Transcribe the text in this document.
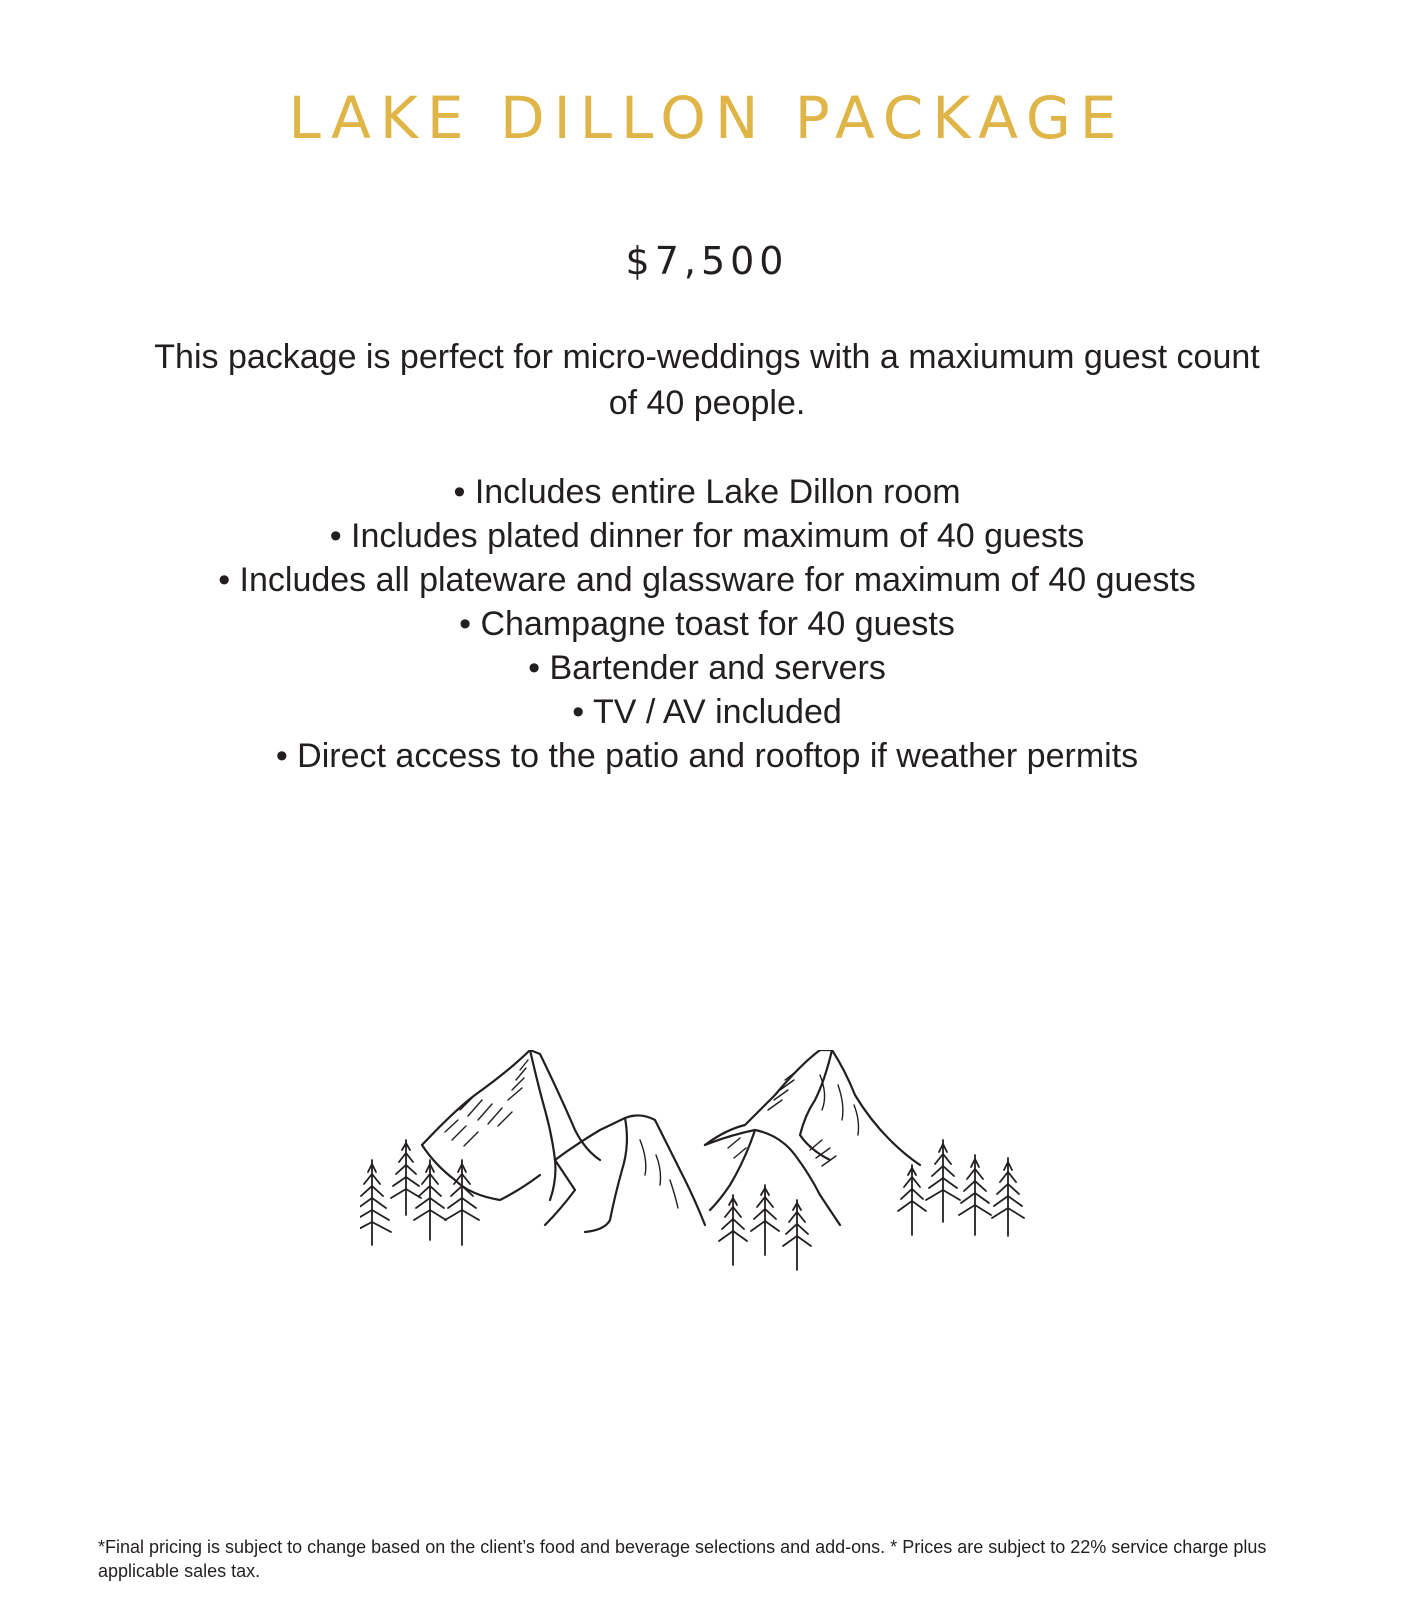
LAKE DILLON PACKAGE
$7,500

This package is perfect for micro-weddings with a maxiumum guest count of 40 people.

• Includes entire Lake Dillon room
• Includes plated dinner for maximum of 40 guests
• Includes all plateware and glassware for maximum of 40 guests
• Champagne toast for 40 guests
• Bartender and servers
• TV / AV included
• Direct access to the patio and rooftop if weather permits

*Final pricing is subject to change based on the client’s food and beverage selections and add-ons. * Prices are subject to 22% service charge plus applicable sales tax.
